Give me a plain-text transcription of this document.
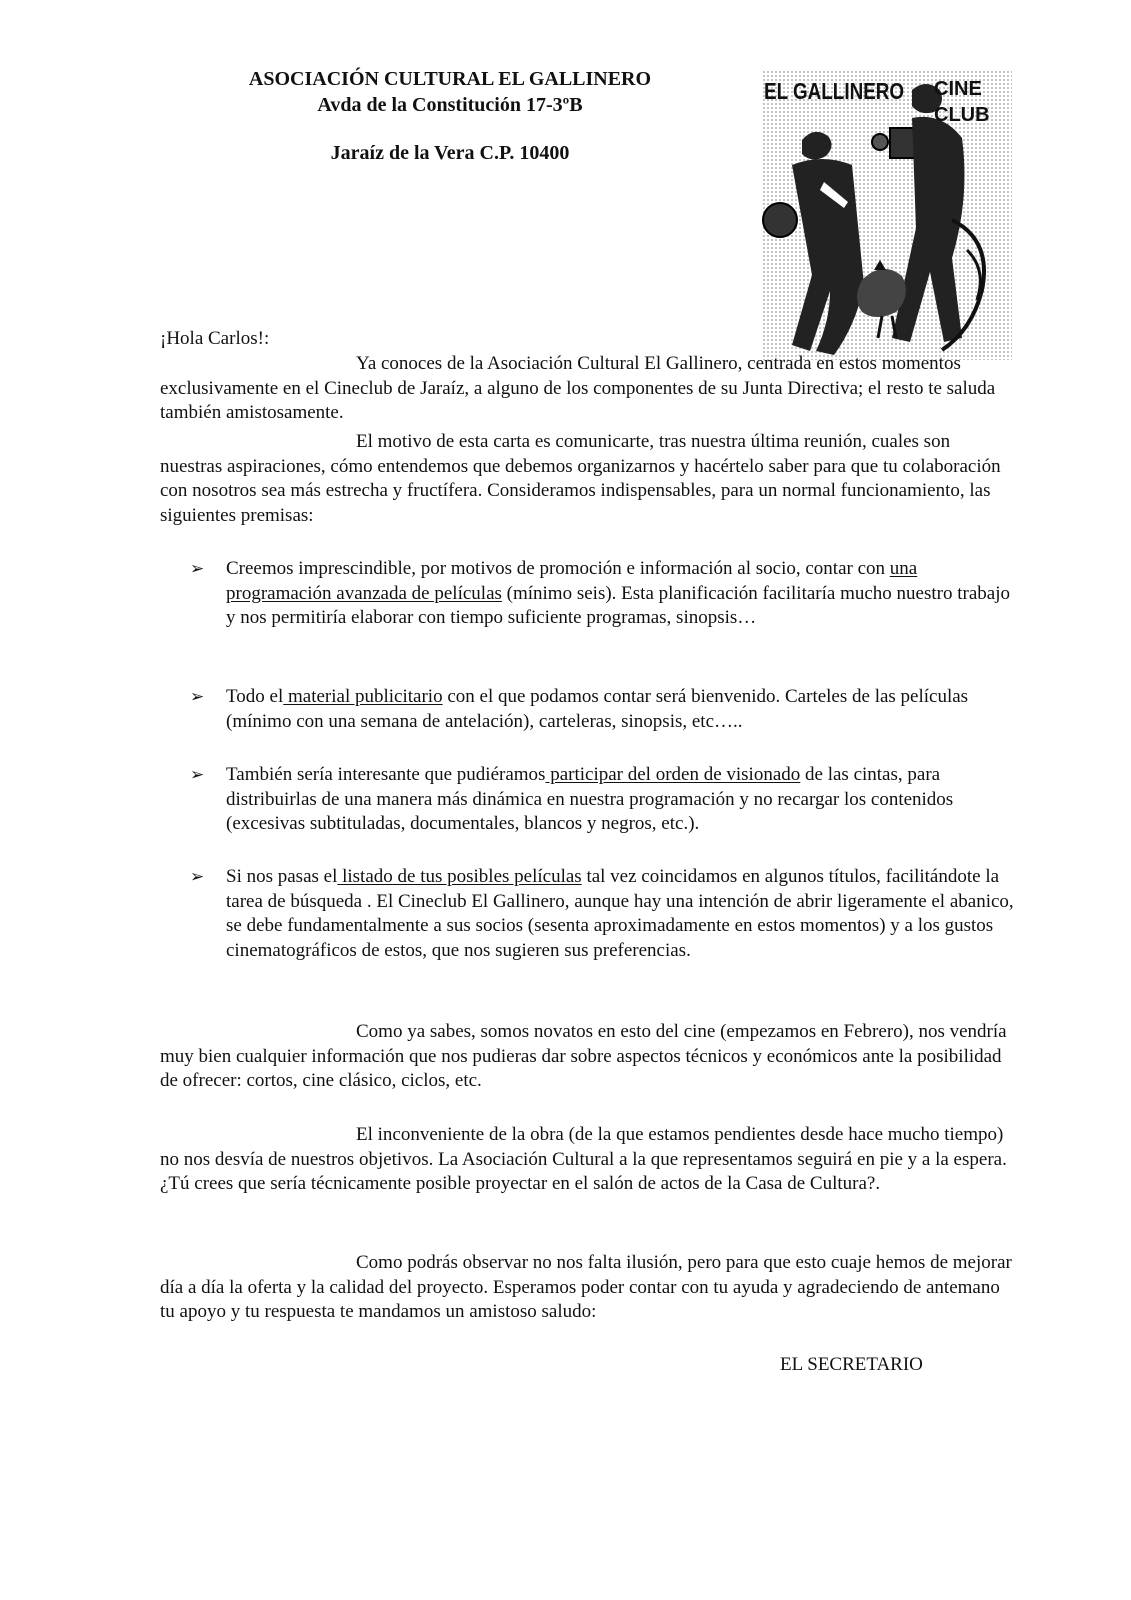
ASOCIACIÓN CULTURAL EL GALLINERO
Avda de la Constitución 17-3ºB
Jaraíz de la Vera C.P. 10400
EL GALLINERO CINE
CLUB
¡Hola Carlos!:
Ya conoces de la Asociación Cultural El Gallinero, centrada en estos momentos exclusivamente en el Cineclub de Jaraíz, a alguno de los componentes de su Junta Directiva; el resto te saluda también amistosamente.
El motivo de esta carta es comunicarte, tras nuestra última reunión, cuales son nuestras aspiraciones, cómo entendemos que debemos organizarnos y hacértelo saber para que tu colaboración con nosotros sea más estrecha y fructífera. Consideramos indispensables, para un normal funcionamiento, las siguientes premisas:
➢ Creemos imprescindible, por motivos de promoción e información al socio, contar con una programación avanzada de películas (mínimo seis). Esta planificación facilitaría mucho nuestro trabajo y nos permitiría elaborar con tiempo suficiente programas, sinopsis…
➢ Todo el material publicitario con el que podamos contar será bienvenido. Carteles de las películas (mínimo con una semana de antelación), carteleras, sinopsis, etc…..
➢ También sería interesante que pudiéramos participar del orden de visionado de las cintas, para distribuirlas de una manera más dinámica en nuestra programación y no recargar los contenidos (excesivas subtituladas, documentales, blancos y negros, etc.).
➢ Si nos pasas el listado de tus posibles películas tal vez coincidamos en algunos títulos, facilitándote la tarea de búsqueda . El Cineclub El Gallinero, aunque hay una intención de abrir ligeramente el abanico, se debe fundamentalmente a sus socios (sesenta aproximadamente en estos momentos) y a los gustos cinematográficos de estos, que nos sugieren sus preferencias.
Como ya sabes, somos novatos en esto del cine (empezamos en Febrero), nos vendría muy bien cualquier información que nos pudieras dar sobre aspectos técnicos y económicos ante la posibilidad de ofrecer: cortos, cine clásico, ciclos, etc.
El inconveniente de la obra (de la que estamos pendientes desde hace mucho tiempo) no nos desvía de nuestros objetivos. La Asociación Cultural a la que representamos seguirá en pie y a la espera. ¿Tú crees que sería técnicamente posible proyectar en el salón de actos de la Casa de Cultura?.
Como podrás observar no nos falta ilusión, pero para que esto cuaje hemos de mejorar día a día la oferta y la calidad del proyecto. Esperamos poder contar con tu ayuda y agradeciendo de antemano tu apoyo y tu respuesta te mandamos un amistoso saludo:
EL SECRETARIO
